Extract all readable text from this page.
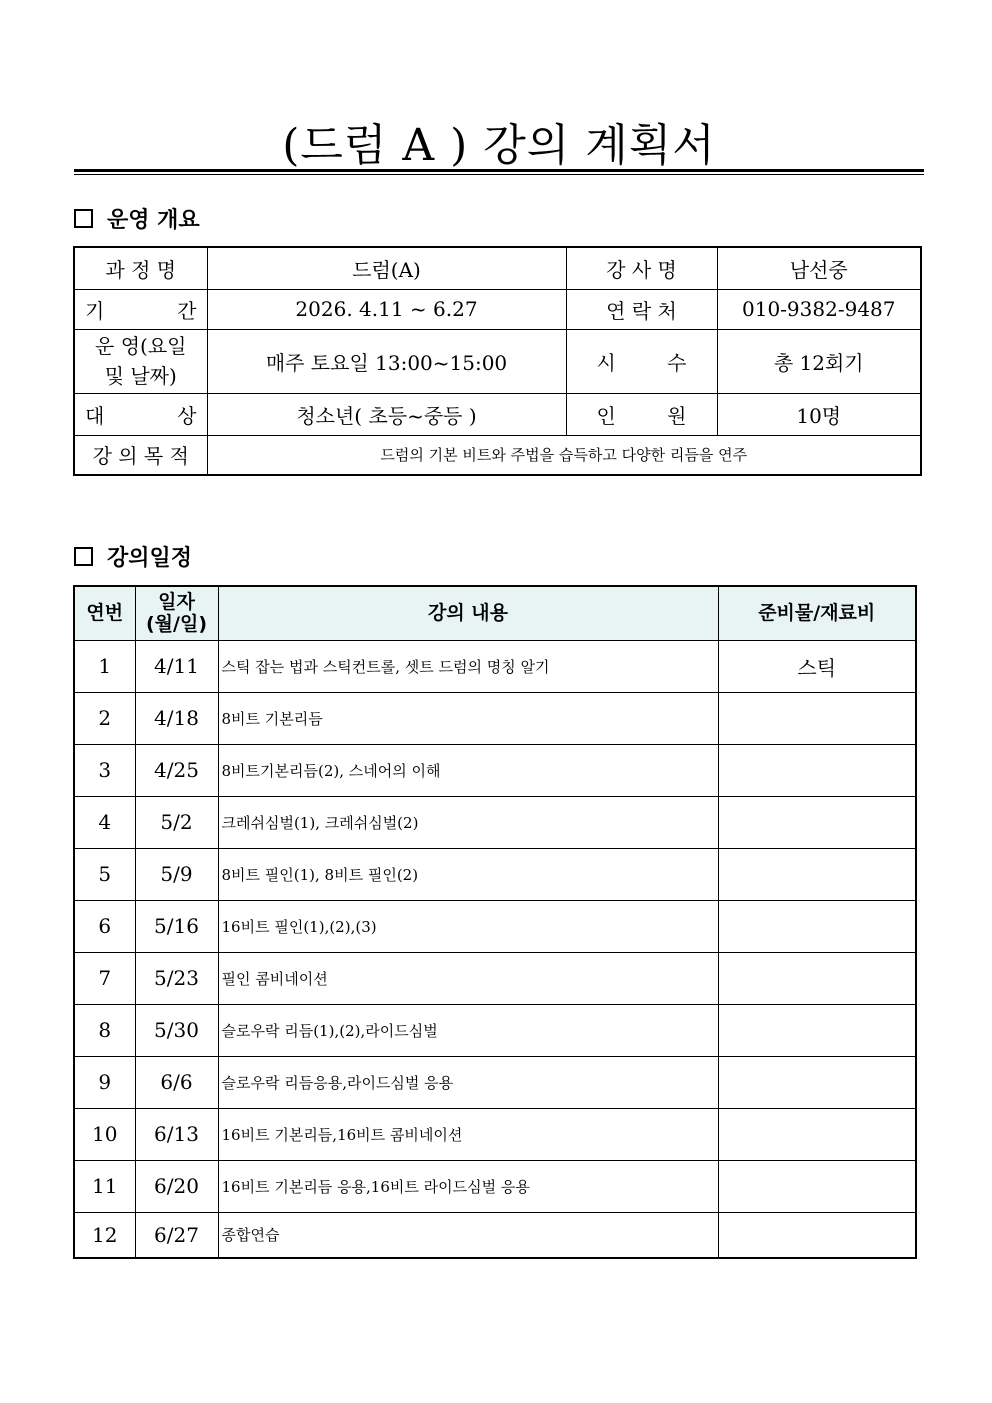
(드럼 A ) 강의 계획서
운영 개요
과 정 명	드럼(A)	강 사 명	남선중
기 간	2026. 4.11 ~ 6.27	연 락 처	010-9382-9487

운 영(요일
및 날짜)	매주 토요일 13:00~15:00	시 수	총 12회기
대 상	청소년( 초등~중등 )	인 원	10명
강 의 목 적	드럼의 기본 비트와 주법을 습득하고 다양한 리듬을 연주		
강의일정
연번	일자
(월/일)	강의 내용	준비물/재료비
1	4/11	스틱 잡는 법과 스틱컨트롤, 셋트 드럼의 명칭 알기	스틱
2	4/18	8비트 기본리듬	
3	4/25	8비트기본리듬(2), 스네어의 이해	
4	5/2	크레쉬심벌(1), 크레쉬심벌(2)	
5	5/9	8비트 필인(1), 8비트 필인(2)	
6	5/16	16비트 필인(1),(2),(3)	
7	5/23	필인 콤비네이션	
8	5/30	슬로우락 리듬(1),(2),라이드심벌	
9	6/6	슬로우락 리듬응용,라이드심벌 응용	
10	6/13	16비트 기본리듬,16비트 콤비네이션	
11	6/20	16비트 기본리듬 응용,16비트 라이드심벌 응용	
12	6/27	종합연습	
